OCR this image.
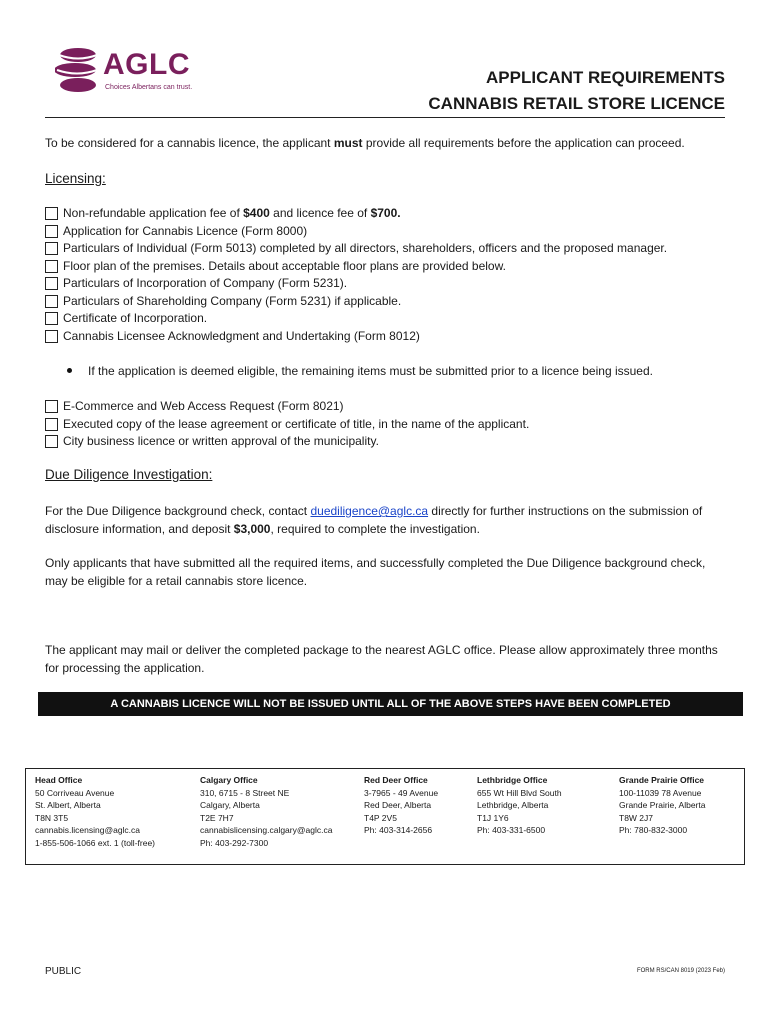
AGLC
Choices Albertans can trust.
APPLICANT REQUIREMENTS
CANNABIS RETAIL STORE LICENCE
To be considered for a cannabis licence, the applicant must provide all requirements before the application can proceed.
Licensing:
Non-refundable application fee of $400 and licence fee of $700.
Application for Cannabis Licence (Form 8000)
Particulars of Individual (Form 5013) completed by all directors, shareholders, officers and the proposed manager.
Floor plan of the premises. Details about acceptable floor plans are provided below.
Particulars of Incorporation of Company (Form 5231).
Particulars of Shareholding Company (Form 5231) if applicable.
Certificate of Incorporation.
Cannabis Licensee Acknowledgment and Undertaking (Form 8012)
If the application is deemed eligible, the remaining items must be submitted prior to a licence being issued.
E-Commerce and Web Access Request (Form 8021)
Executed copy of the lease agreement or certificate of title, in the name of the applicant.
City business licence or written approval of the municipality.
Due Diligence Investigation:
For the Due Diligence background check, contact duediligence@aglc.ca directly for further instructions on the submission of disclosure information, and deposit $3,000, required to complete the investigation.
Only applicants that have submitted all the required items, and successfully completed the Due Diligence background check, may be eligible for a retail cannabis store licence.
The applicant may mail or deliver the completed package to the nearest AGLC office. Please allow approximately three months for processing the application.
A CANNABIS LICENCE WILL NOT BE ISSUED UNTIL ALL OF THE ABOVE STEPS HAVE BEEN COMPLETED
Head Office
50 Corriveau Avenue
St. Albert, Alberta
T8N 3T5
cannabis.licensing@aglc.ca
1-855-506-1066 ext. 1 (toll-free)
Calgary Office
310, 6715 - 8 Street NE
Calgary, Alberta
T2E 7H7
cannabislicensing.calgary@aglc.ca
Ph: 403-292-7300
Red Deer Office
3-7965 - 49 Avenue
Red Deer, Alberta
T4P 2V5
Ph: 403-314-2656
Lethbridge Office
655 Wt Hill Blvd South
Lethbridge, Alberta
T1J 1Y6
Ph: 403-331-6500
Grande Prairie Office
100-11039 78 Avenue
Grande Prairie, Alberta
T8W 2J7
Ph: 780-832-3000
PUBLIC	FORM RS/CAN 8019 (2023 Feb)
